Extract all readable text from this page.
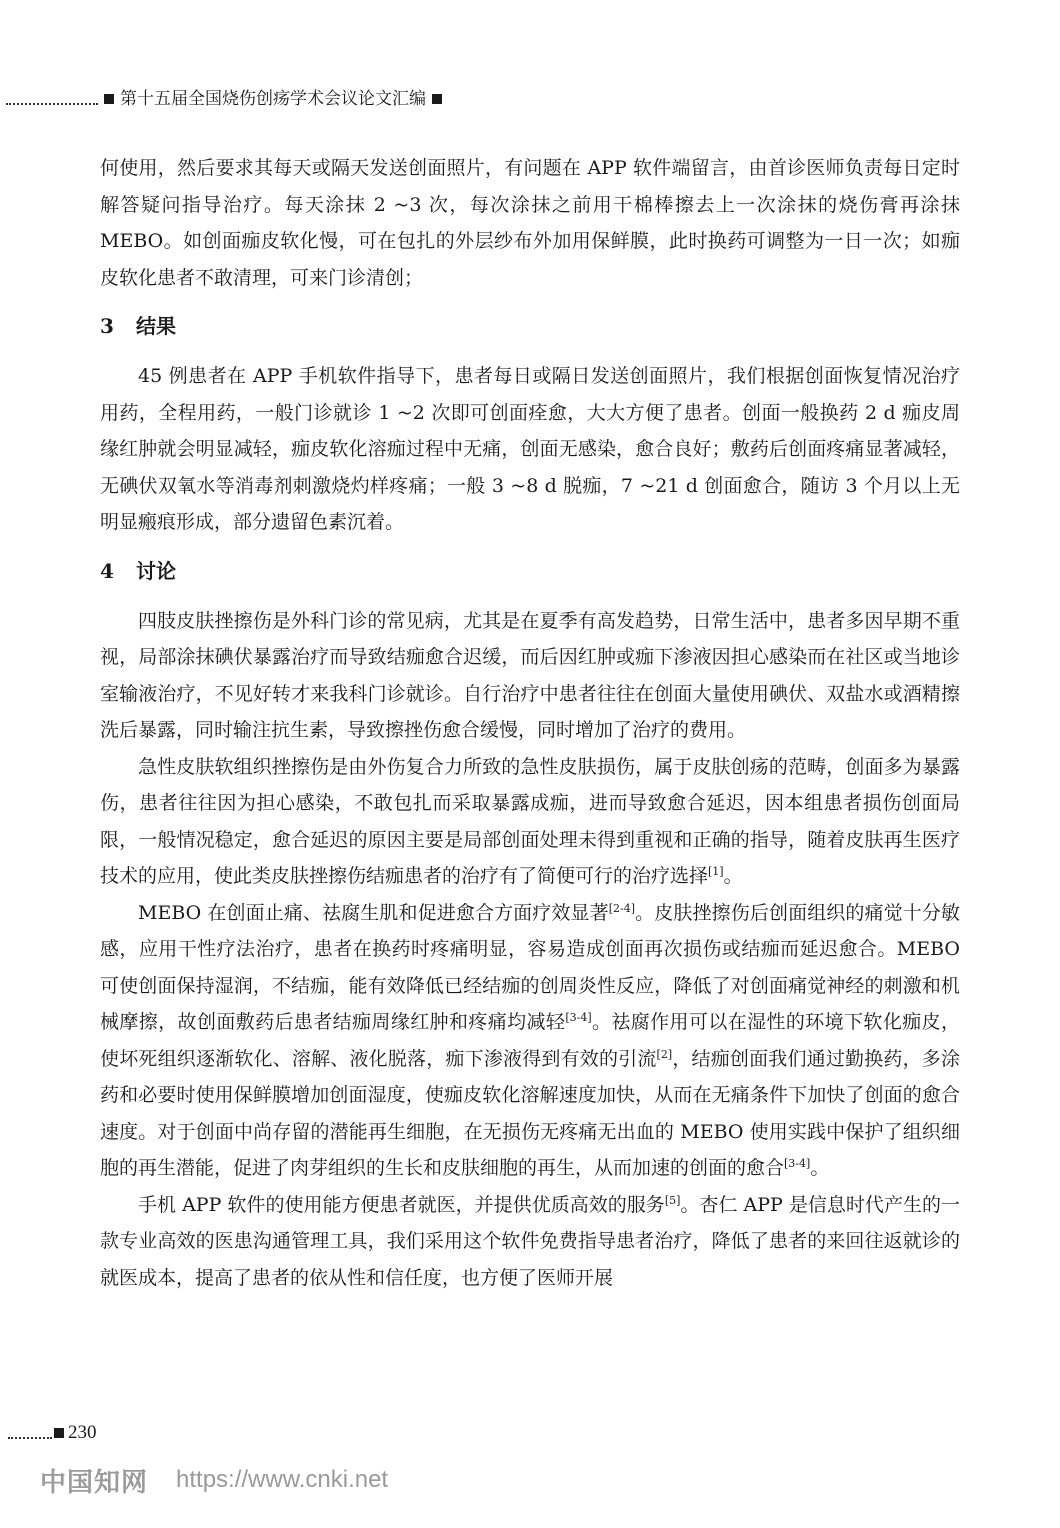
第十五届全国烧伤创疡学术会议论文汇编

何使用，然后要求其每天或隔天发送创面照片，有问题在 APP 软件端留言，由首诊医师负责每日定时解答疑问指导治疗。每天涂抹 2 ~3 次，每次涂抹之前用干棉棒擦去上一次涂抹的烧伤膏再涂抹 MEBO。如创面痂皮软化慢，可在包扎的外层纱布外加用保鲜膜，此时换药可调整为一日一次；如痂皮软化患者不敢清理，可来门诊清创；

3 结果

45 例患者在 APP 手机软件指导下，患者每日或隔日发送创面照片，我们根据创面恢复情况治疗用药，全程用药，一般门诊就诊 1 ~2 次即可创面痊愈，大大方便了患者。创面一般换药 2 d 痂皮周缘红肿就会明显减轻，痂皮软化溶痂过程中无痛，创面无感染，愈合良好；敷药后创面疼痛显著减轻，无碘伏双氧水等消毒剂刺激烧灼样疼痛；一般 3 ~8 d 脱痂，7 ~21 d 创面愈合，随访 3 个月以上无明显瘢痕形成，部分遗留色素沉着。

4 讨论

四肢皮肤挫擦伤是外科门诊的常见病，尤其是在夏季有高发趋势，日常生活中，患者多因早期不重视，局部涂抹碘伏暴露治疗而导致结痂愈合迟缓，而后因红肿或痂下渗液因担心感染而在社区或当地诊室输液治疗，不见好转才来我科门诊就诊。自行治疗中患者往往在创面大量使用碘伏、双盐水或酒精擦洗后暴露，同时输注抗生素，导致擦挫伤愈合缓慢，同时增加了治疗的费用。

急性皮肤软组织挫擦伤是由外伤复合力所致的急性皮肤损伤，属于皮肤创疡的范畴，创面多为暴露伤，患者往往因为担心感染，不敢包扎而采取暴露成痂，进而导致愈合延迟，因本组患者损伤创面局限，一般情况稳定，愈合延迟的原因主要是局部创面处理未得到重视和正确的指导，随着皮肤再生医疗技术的应用，使此类皮肤挫擦伤结痂患者的治疗有了简便可行的治疗选择[1]。

MEBO 在创面止痛、祛腐生肌和促进愈合方面疗效显著[2-4]。皮肤挫擦伤后创面组织的痛觉十分敏感，应用干性疗法治疗，患者在换药时疼痛明显，容易造成创面再次损伤或结痂而延迟愈合。MEBO 可使创面保持湿润，不结痂，能有效降低已经结痂的创周炎性反应，降低了对创面痛觉神经的刺激和机械摩擦，故创面敷药后患者结痂周缘红肿和疼痛均减轻[3-4]。祛腐作用可以在湿性的环境下软化痂皮，使坏死组织逐渐软化、溶解、液化脱落，痂下渗液得到有效的引流[2]，结痂创面我们通过勤换药，多涂药和必要时使用保鲜膜增加创面湿度，使痂皮软化溶解速度加快，从而在无痛条件下加快了创面的愈合速度。对于创面中尚存留的潜能再生细胞，在无损伤无疼痛无出血的 MEBO 使用实践中保护了组织细胞的再生潜能，促进了肉芽组织的生长和皮肤细胞的再生，从而加速的创面的愈合[3-4]。

手机 APP 软件的使用能方便患者就医，并提供优质高效的服务[5]。杏仁 APP 是信息时代产生的一款专业高效的医患沟通管理工具，我们采用这个软件免费指导患者治疗，降低了患者的来回往返就诊的就医成本，提高了患者的依从性和信任度，也方便了医师开展

230
中国知网 https://www.cnki.net
